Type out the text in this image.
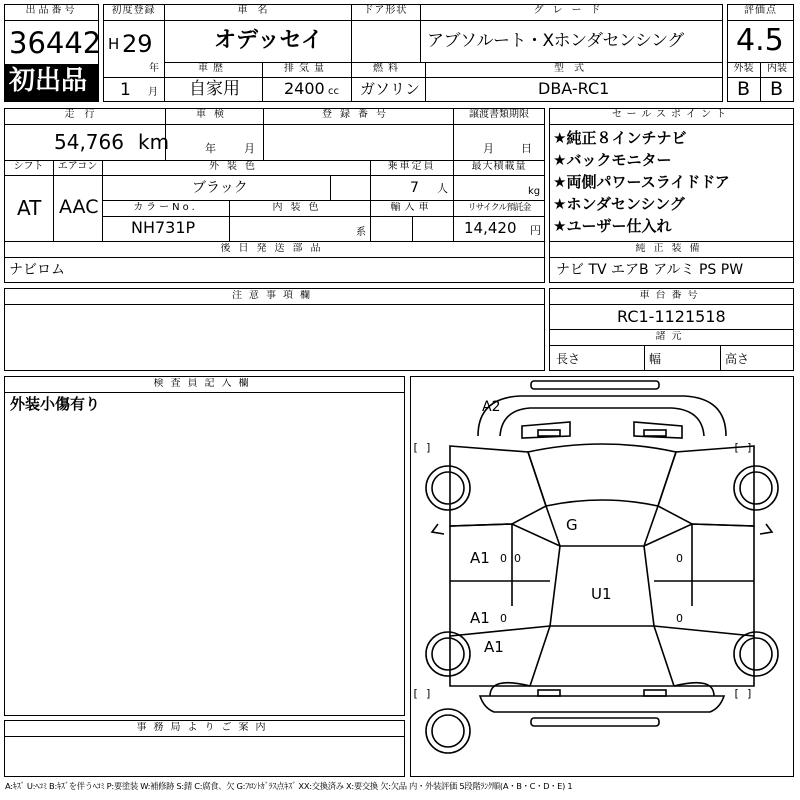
出品番号
36442
初出品
初度登録
H 29
年
1 月
車名
オデッセイ
ドア形状	グレード
アブソルート・Xホンダセンシング
車歴
自家用
排気量
2400 cc
燃料
ガソリン
型式
DBA-RC1
評価点
4.5
外装	内装
B B
走行
54,766 km
車検
年	月
登録番号	譲渡書類期限
月 日
シフト
AT
エアコン
AAC
外装色
ブラック
乗車定員
7 人
最大積載量
kg
カラーNo.
NH731P
内装色
系
輸入車	リサイクル預託金
14,420 円
後日発送部品
ナビロム
セールスポイント
★純正８インチナビ
★バックモニター
★両側パワースライドドア
★ホンダセンシング
★ユーザー仕入れ
純正装備
ナビ TV エアB アルミ PS PW
注意事項欄	車台番号
RC1-1121518
諸元
長さ	幅	高さ
検査員記入欄
外装小傷有り
事務局よりご案内
A2
G
U1
A1
A1
A1
0
0
0
0
0
[ ]	[ ]
[ ]	[ ]
A:ｷｽﾞ U:ﾍｺﾐ B:ｷｽﾞを伴うﾍｺﾐ P:要塗装 W:補修跡 S:錆 C:腐食、欠 G:ﾌﾛﾝﾄｶﾞﾗｽ点ｷｽﾞ XX:交換済み X:要交換 欠:欠品 内・外装評価 5段階ﾗﾝｸ順(A・B・C・D・E) 1
